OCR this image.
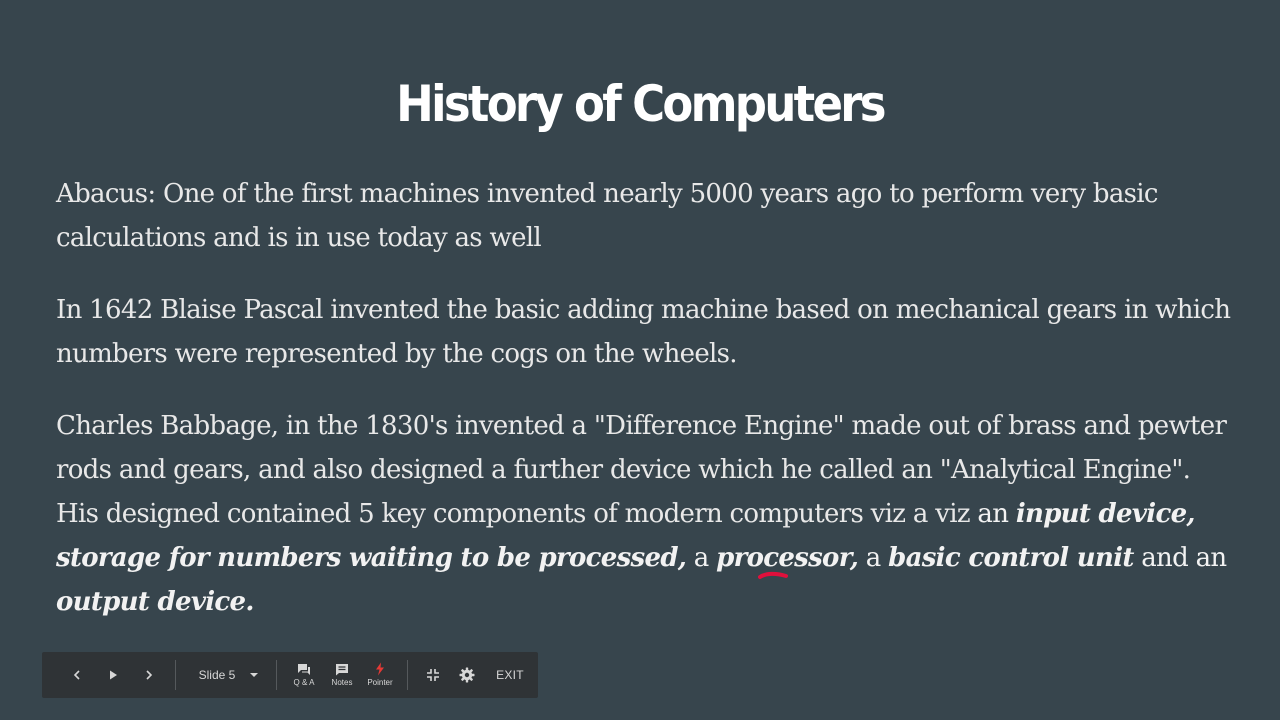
History of Computers

Abacus: One of the first machines invented nearly 5000 years ago to perform very basic calculations and is in use today as well

In 1642 Blaise Pascal invented the basic adding machine based on mechanical gears in which numbers were represented by the cogs on the wheels.

Charles Babbage, in the 1830's invented a "Difference Engine" made out of brass and pewter rods and gears, and also designed a further device which he called an "Analytical Engine". His designed contained 5 key components of modern computers viz a viz an input device, storage for numbers waiting to be processed, a processor, a basic control unit and an output device.

Slide 5	Q & A Notes Pointer
EXIT
